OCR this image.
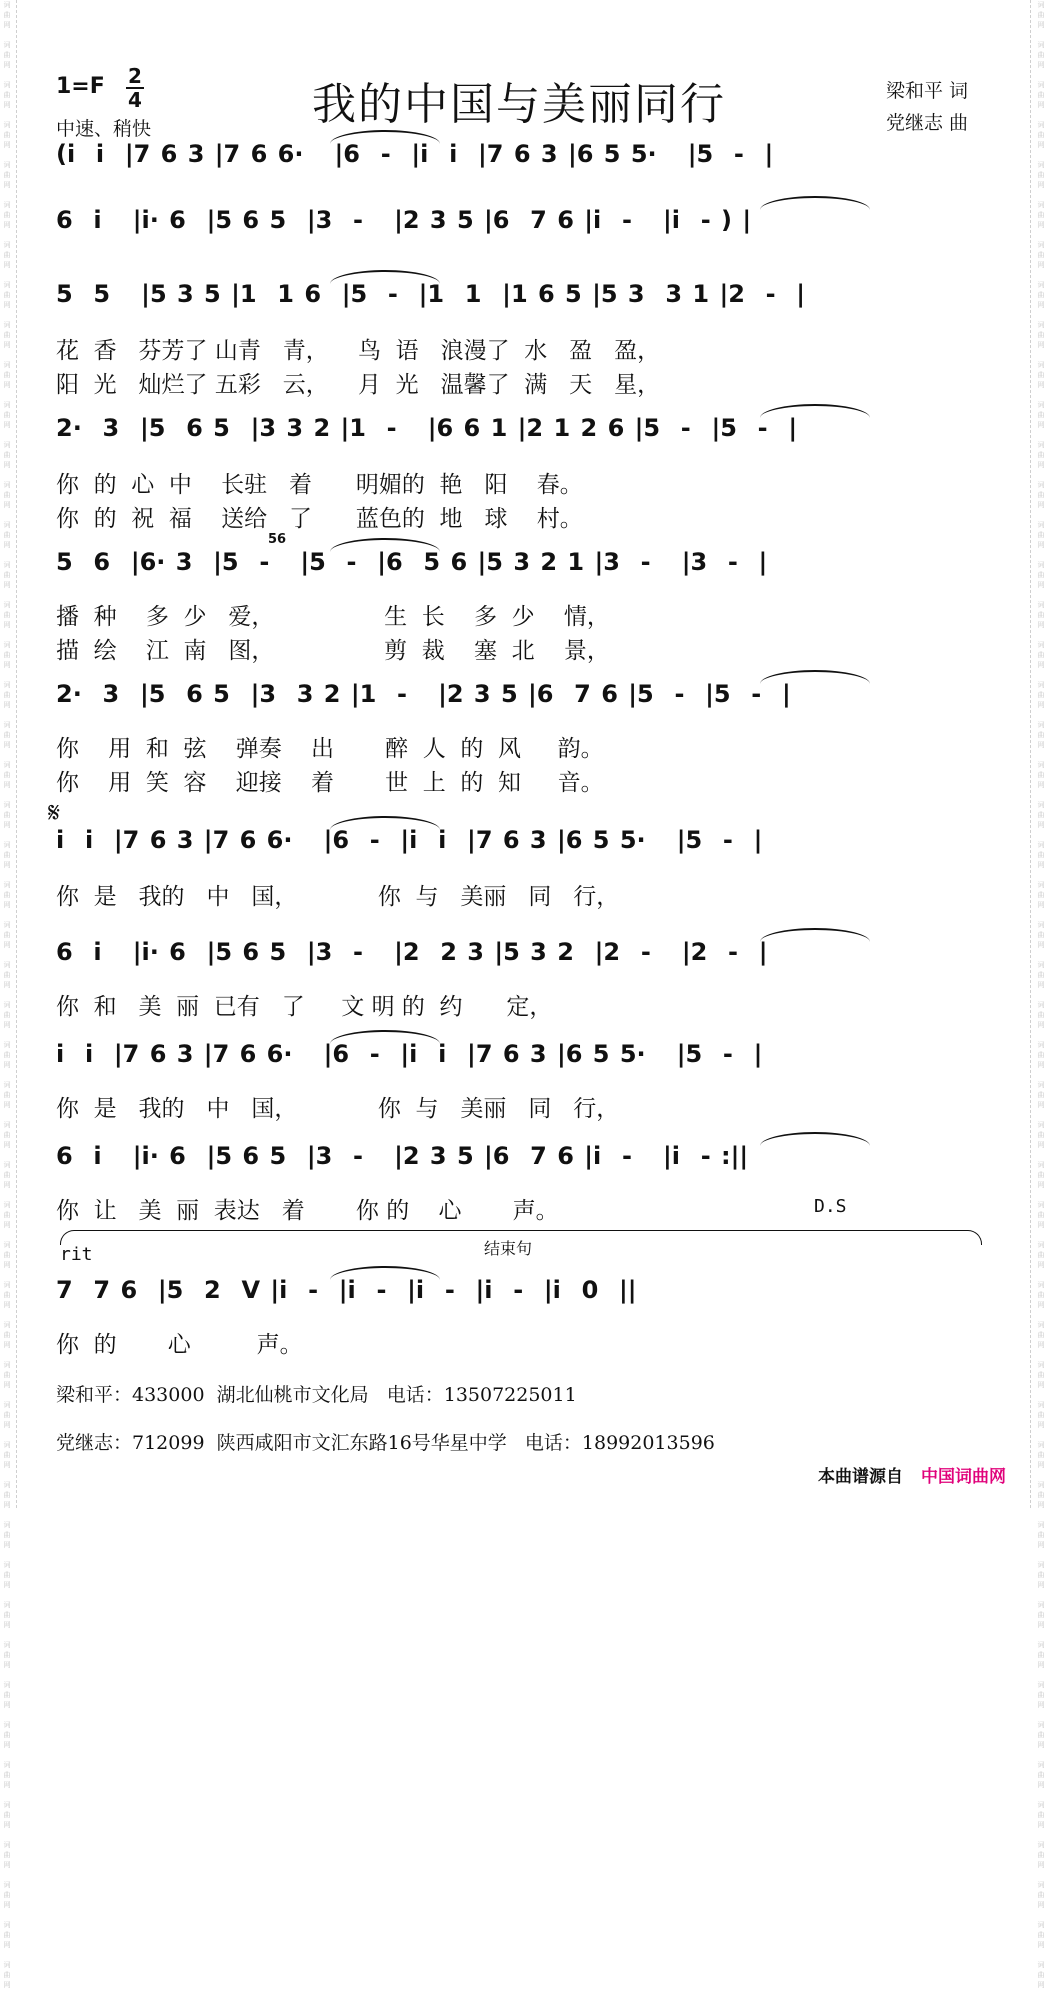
词
曲
网

词
曲
网

词
曲
网

词
曲
网

词
曲
网

词
曲
网

词
曲
网

词
曲
网

词
曲
网

词
曲
网

词
曲
网

词
曲
网

词
曲
网

词
曲
网

词
曲
网

词
曲
网

词
曲
网

词
曲
网

词
曲
网

词
曲
网

词
曲
网

词
曲
网

词
曲
网

词
曲
网

词
曲
网

词
曲
网

词
曲
网

词
曲
网

词
曲
网

词
曲
网

词
曲
网

词
曲
网

词
曲
网

词
曲
网

词
曲
网

词
曲
网

词
曲
网

词
曲
网

词
曲
网

词
曲
网

词
曲
网

词
曲
网

词
曲
网

词
曲
网

词
曲
网

词
曲
网

词
曲
网

词
曲
网

词
曲
网

词
曲
网

词
曲
网

词
曲
网

词
曲
网

词
曲
网

词
曲
网

词
曲
网

词
曲
网

词
曲
网

词
曲
网

词
曲
网

词
曲
网

词
曲
网

词
曲
网

词
曲
网

词
曲
网

词
曲
网

词
曲
网

词
曲
网

词
曲
网

词
曲
网

词
曲
网

词
曲
网

词
曲
网

词
曲
网

词
曲
网

词
曲
网

词
曲
网

词
曲
网

词
曲
网

词
曲
网

词
曲
网

词
曲
网

词
曲
网

词
曲
网

词
曲
网

词
曲
网

词
曲
网

词
曲
网

词
曲
网

词
曲
网

词
曲
网

词
曲
网

词
曲
网

词
曲
网

词
曲
网

词
曲
网

词
曲
网

词
曲
网

词
曲
网

词
曲
网

1=F 2
4
中速、稍快	我的中国与美丽同行	梁和平 词
党继志 曲
(i  i  |7 6 3 |7 6 6·   |6  -  |i  i  |7 6 3 |6 5 5·   |5  -  |
6  i   |i· 6  |5 6 5  |3  -   |2 3 5 |6  7 6 |i  -   |i  - ) |
5  5   |5 3 5 |1  1 6  |5  -  |1  1  |1 6 5 |5 3  3 1 |2  -  |
花  香   芬芳了 山青   青，    鸟  语   浪漫了  水   盈   盈，
阳  光   灿烂了 五彩   云，    月  光   温馨了  满   天   星，
2·  3  |5  6 5  |3 3 2 |1  -   |6 6 1 |2 1 2 6 |5  -  |5  -  |
你  的  心  中    长驻   着      明媚的  艳   阳    春。
你  的  祝  福    送给   了      蓝色的  地   球    村。
5  6  |6· 3  |5  -   |5  -  |6  5 6 |5 3 2 1 |3  -   |3  -  |
56
播  种    多  少   爱，               生  长    多  少    情，
描  绘    江  南   图，               剪  裁    塞  北    景，
2·  3  |5  6 5  |3  3 2 |1  -   |2 3 5 |6  7 6 |5  -  |5  -  |
你    用  和  弦    弹奏    出       醉  人  的  风     韵。
你    用  笑  容    迎接    着       世  上  的  知     音。
i  i  |7 6 3 |7 6 6·   |6  -  |i  i  |7 6 3 |6 5 5·   |5  -  |
𝄋
你  是   我的   中   国，           你  与   美丽   同   行，
6  i   |i· 6  |5 6 5  |3  -   |2  2 3 |5 3 2  |2  -   |2  -  |
你  和   美  丽  已有   了     文 明 的  约      定，
i  i  |7 6 3 |7 6 6·   |6  -  |i  i  |7 6 3 |6 5 5·   |5  -  |
你  是   我的   中   国，           你  与   美丽   同   行，
6  i   |i· 6  |5 6 5  |3  -   |2 3 5 |6  7 6 |i  -   |i  - :||
你  让   美  丽  表达   着       你 的    心       声。
7  7 6  |5  2  V |i  -  |i  -  |i  -  |i  -  |i  0  ||
你  的       心         声。
D.S
rit	结束句
梁和平：433000  湖北仙桃市文化局   电话：13507225011
党继志：712099  陕西咸阳市文汇东路16号华星中学   电话：18992013596
本曲谱源自 中国词曲网
